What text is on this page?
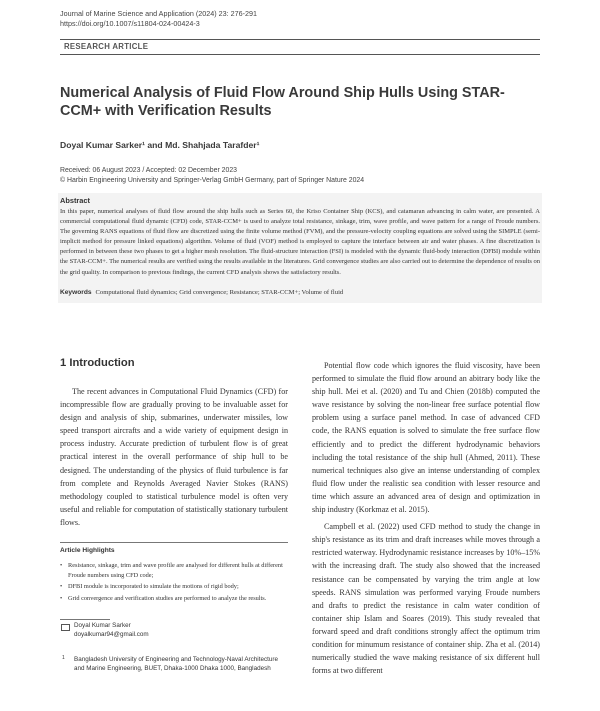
Journal of Marine Science and Application (2024) 23: 276-291
https://doi.org/10.1007/s11804-024-00424-3
RESEARCH ARTICLE
Numerical Analysis of Fluid Flow Around Ship Hulls Using STAR-CCM+ with Verification Results
Doyal Kumar Sarker¹ and Md. Shahjada Tarafder¹
Received: 06 August 2023 / Accepted: 02 December 2023
© Harbin Engineering University and Springer-Verlag GmbH Germany, part of Springer Nature 2024
Abstract
In this paper, numerical analyses of fluid flow around the ship hulls such as Series 60, the Kriso Container Ship (KCS), and catamaran advancing in calm water, are presented. A commercial computational fluid dynamic (CFD) code, STAR-CCM+ is used to analyze total resistance, sinkage, trim, wave profile, and wave pattern for a range of Froude numbers. The governing RANS equations of fluid flow are discretized using the finite volume method (FVM), and the pressure-velocity coupling equations are solved using the SIMPLE (semi-implicit method for pressure linked equations) algorithm. Volume of fluid (VOF) method is employed to capture the interface between air and water phases. A fine discretization is performed in between these two phases to get a higher mesh resolution. The fluid-structure interaction (FSI) is modeled with the dynamic fluid-body interaction (DFBI) module within the STAR-CCM+. The numerical results are verified using the results available in the literatures. Grid convergence studies are also carried out to determine the dependence of results on the grid quality. In comparison to previous findings, the current CFD analysis shows the satisfactory results.
Keywords Computational fluid dynamics; Grid convergence; Resistance; STAR-CCM+; Volume of fluid
1 Introduction

The recent advances in Computational Fluid Dynamics (CFD) for incompressible flow are gradually proving to be invaluable asset for design and analysis of ship, submarines, underwater missiles, low speed transport aircrafts and a wide variety of equipment design in process industry. Accurate prediction of turbulent flow is of great practical interest in the overall performance of ship hull to be designed. The understanding of the physics of fluid turbulence is far from complete and Reynolds Averaged Navier Stokes (RANS) methodology coupled to statistical turbulence model is often very useful and reliable for computation of statistically stationary turbulent flows.

Potential flow code which ignores the fluid viscosity, have been performed to simulate the fluid flow around an abitrary body like the ship hull. Mei et al. (2020) and Tu and Chien (2018b) computed the wave resistance by solving the non-linear free surface potential flow problem using a surface panel method. In case of advanced CFD code, the RANS equation is solved to simulate the free surface flow efficiently and to predict the different hydrodynamic behaviors including the total resistance of the ship hull (Ahmed, 2011). These numerical techniques also give an intense understanding of complex fluid flow under the realistic sea condition with lesser resource and time which assure an advanced area of design and optimization in ship industry (Korkmaz et al. 2015).

Campbell et al. (2022) used CFD method to study the change in ship's resistance as its trim and draft increases while moves through a restricted waterway. Hydrodynamic resistance increases by 10%–15% with the increasing draft. The study also showed that the increased resistance can be compensated by varying the trim angle at low speeds. RANS simulation was performed varying Froude numbers and drafts to predict the resistance in calm water condition of container ship Islam and Soares (2019). This study revealed that forward speed and draft conditions strongly affect the optimum trim condition for minumum resistance of container ship. Zha et al. (2014) numerically studied the wave making resistance of six different hull forms at two different

Article Highlights
• Resistance, sinkage, trim and wave profile are analysed for different hulls at different Froude numbers using CFD code;
• DFBI module is incorporated to simulate the motions of rigid body;
• Grid convergence and verification studies are performed to analyze the results.
Doyal Kumar Sarker
doyalkumar94@gmail.com
1 Bangladesh University of Engineering and Technology-Naval Architecture and Marine Engineering, BUET, Dhaka-1000 Dhaka 1000, Bangladesh
